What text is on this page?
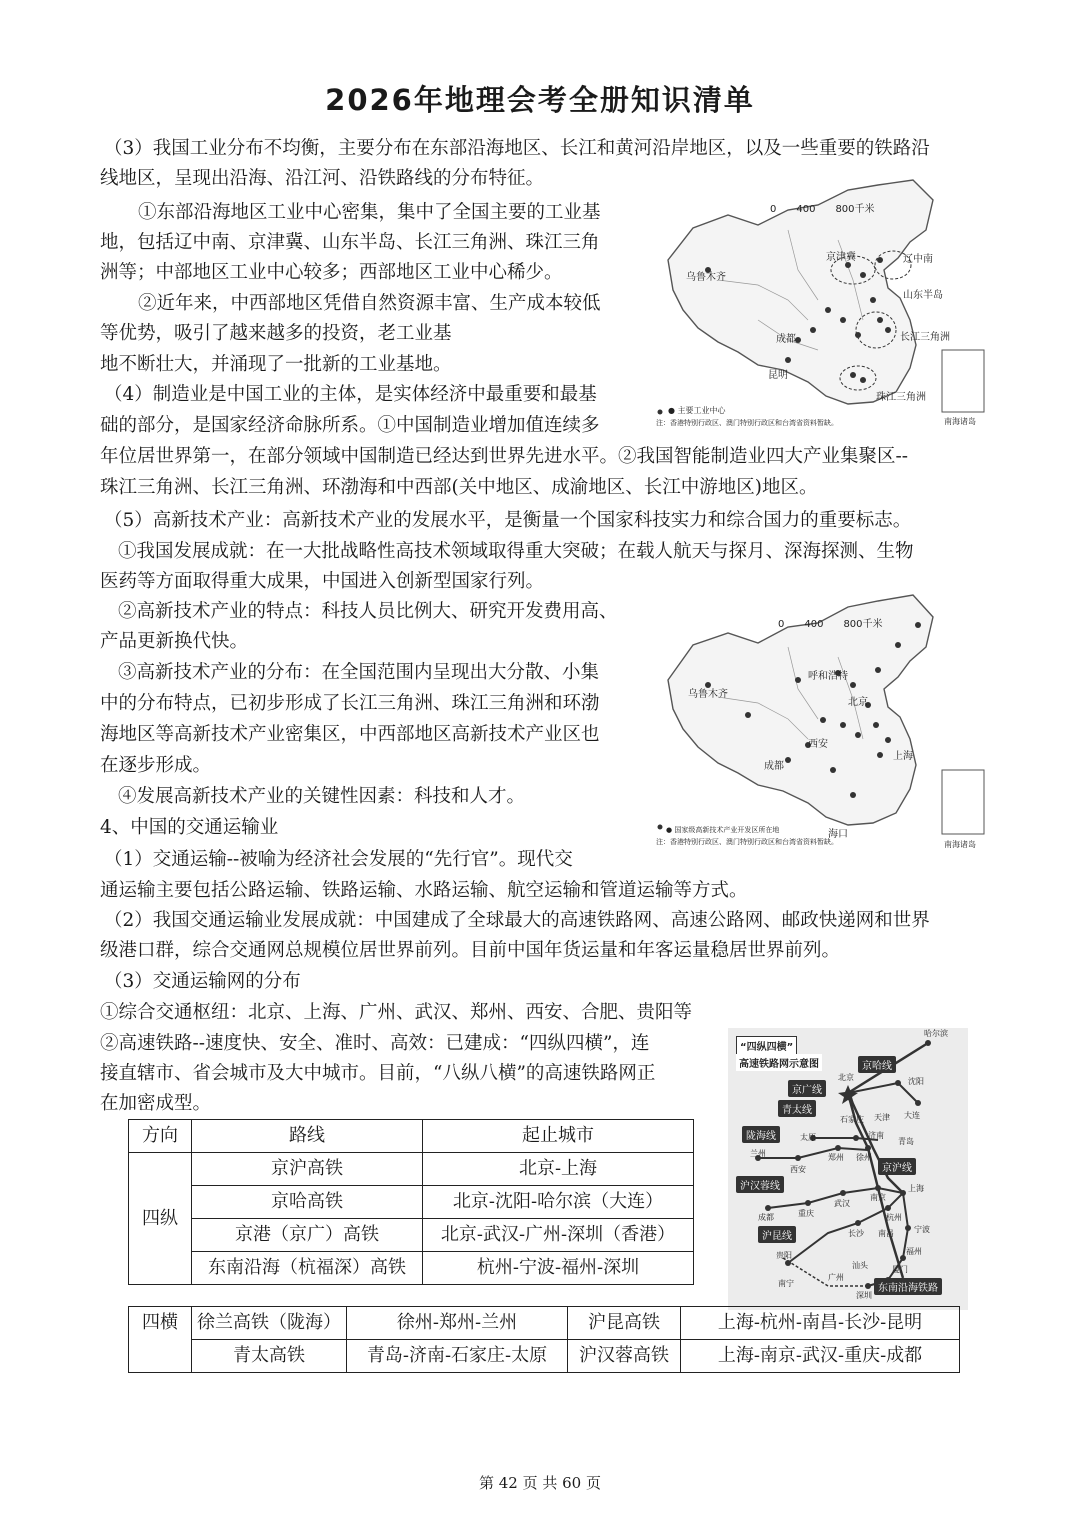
2026年地理会考全册知识清单

（3）我国工业分布不均衡，主要分布在东部沿海地区、长江和黄河沿岸地区，以及一些重要的铁路沿

线地区，呈现出沿海、沿江河、沿铁路线的分布特征。

①东部沿海地区工业中心密集，集中了全国主要的工业基

地，包括辽中南、京津冀、山东半岛、长江三角洲、珠江三角

洲等；中部地区工业中心较多；西部地区工业中心稀少。

②近年来，中西部地区凭借自然资源丰富、生产成本较低

等优势，吸引了越来越多的投资，老工业基

地不断壮大，并涌现了一批新的工业基地。

（4）制造业是中国工业的主体，是实体经济中最重要和最基

础的部分，是国家经济命脉所系。①中国制造业增加值连续多

年位居世界第一，在部分领域中国制造已经达到世界先进水平。②我国智能制造业四大产业集聚区--

珠江三角洲、长江三角洲、环渤海和中西部(关中地区、成渝地区、长江中游地区)地区。

（5）高新技术产业：高新技术产业的发展水平，是衡量一个国家科技实力和综合国力的重要标志。

①我国发展成就：在一大批战略性高技术领域取得重大突破；在载人航天与探月、深海探测、生物

医药等方面取得重大成果，中国进入创新型国家行列。

②高新技术产业的特点：科技人员比例大、研究开发费用高、

产品更新换代快。

③高新技术产业的分布：在全国范围内呈现出大分散、小集

中的分布特点，已初步形成了长江三角洲、珠江三角洲和环渤

海地区等高新技术产业密集区，中西部地区高新技术产业区也

在逐步形成。

④发展高新技术产业的关键性因素：科技和人才。

4、中国的交通运输业

（1）交通运输--被喻为经济社会发展的“先行官”。现代交

通运输主要包括公路运输、铁路运输、水路运输、航空运输和管道运输等方式。

（2）我国交通运输业发展成就：中国建成了全球最大的高速铁路网、高速公路网、邮政快递网和世界

级港口群，综合交通网总规模位居世界前列。目前中国年货运量和年客运量稳居世界前列。

（3）交通运输网的分布

①综合交通枢纽：北京、上海、广州、武汉、郑州、西安、合肥、贵阳等

②高速铁路--速度快、安全、准时、高效：已建成：“四纵四横”，连

接直辖市、省会城市及大中城市。目前，“八纵八横”的高速铁路网正

在加密成型。

0　　400　　800千米
乌鲁木齐
京津冀	辽中南
山东半岛
长江三角洲
成都
昆明
珠江三角洲
● 主要工业中心
注：香港特别行政区、澳门特别行政区和台湾省资料暂缺。	南海诸岛
0　　400　　800千米
乌鲁木齐
呼和浩特
北京
西安
成都
上海
海口
● 国家级高新技术产业开发区所在地
注：香港特别行政区、澳门特别行政区和台湾省资料暂缺。	南海诸岛
“四纵四横”
高速铁路网示意图	京哈线
京广线
青太线
陇海线
京沪线
沪汉蓉线
沪昆线
东南沿海铁路
哈尔滨
北京	沈阳
天津 大连
石家庄
太原	济南
青岛
兰州
西安
郑州 徐州
南京
上海
成都	重庆
武汉
杭州
宁波
长沙 南昌
福州
贵阳
厦门
南宁
广州
深圳
汕头
方向	路线	起止城市
四纵	京沪高铁	北京-上海
	京哈高铁	北京-沈阳-哈尔滨（大连）
	京港（京广）高铁	北京-武汉-广州-深圳（香港）
	东南沿海（杭福深）高铁	杭州-宁波-福州-深圳
四横	徐兰高铁（陇海）	徐州-郑州-兰州	沪昆高铁	上海-杭州-南昌-长沙-昆明
	青太高铁	青岛-济南-石家庄-太原	沪汉蓉高铁	上海-南京-武汉-重庆-成都
第 42 页 共 60 页
